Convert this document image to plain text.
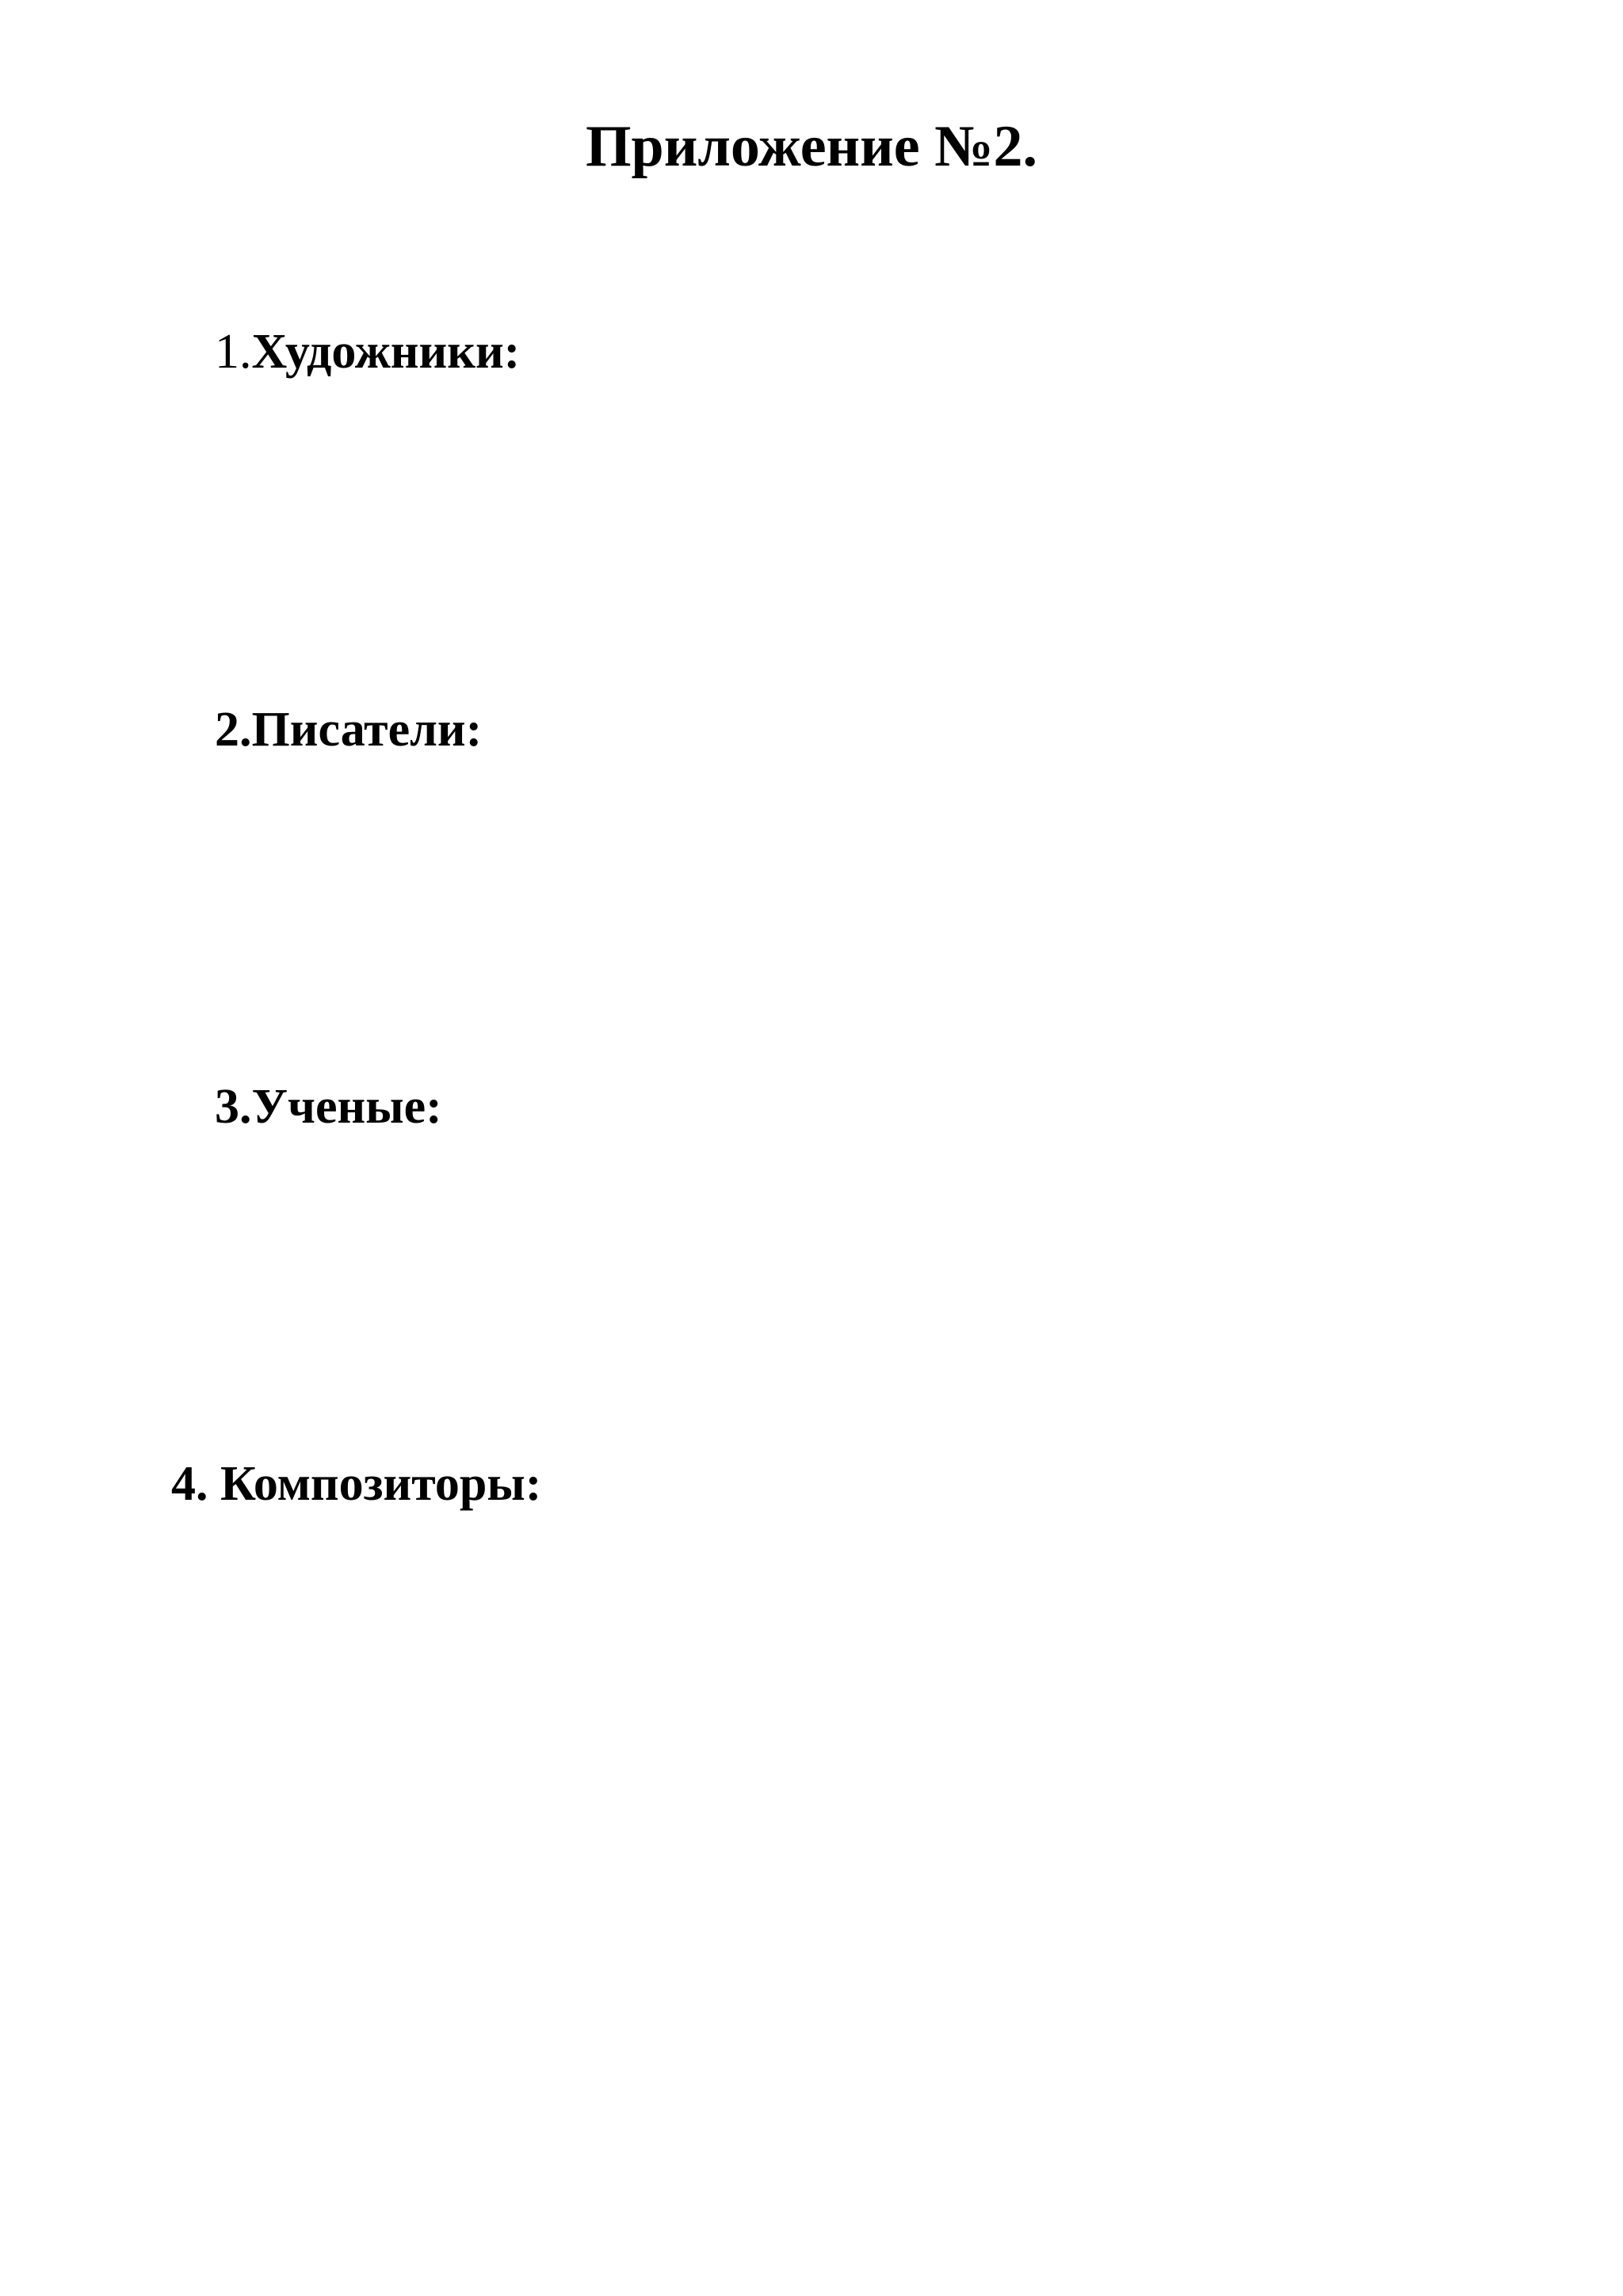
Приложение №2.
1.Художники:
2.Писатели:
3.Ученые:
4. Композиторы:
